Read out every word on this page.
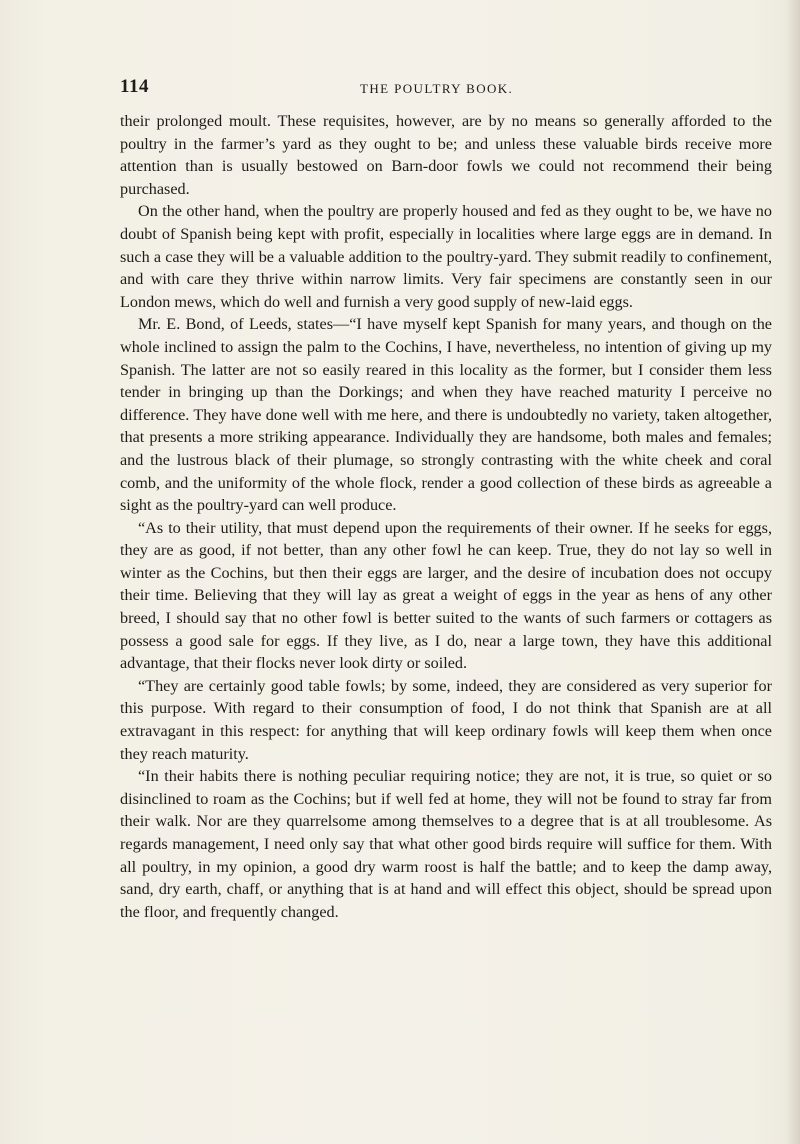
114	THE POULTRY BOOK.

their prolonged moult. These requisites, however, are by no means so generally afforded to the poultry in the farmer’s yard as they ought to be; and unless these valuable birds receive more attention than is usually bestowed on Barn-door fowls we could not recommend their being purchased.

On the other hand, when the poultry are properly housed and fed as they ought to be, we have no doubt of Spanish being kept with profit, especially in localities where large eggs are in demand. In such a case they will be a valuable addition to the poultry-yard. They submit readily to confinement, and with care they thrive within narrow limits. Very fair specimens are constantly seen in our London mews, which do well and furnish a very good supply of new-laid eggs.

Mr. E. Bond, of Leeds, states—“I have myself kept Spanish for many years, and though on the whole inclined to assign the palm to the Cochins, I have, nevertheless, no intention of giving up my Spanish. The latter are not so easily reared in this locality as the former, but I consider them less tender in bringing up than the Dorkings; and when they have reached maturity I perceive no difference. They have done well with me here, and there is undoubtedly no variety, taken altogether, that presents a more striking appearance. Individually they are handsome, both males and females; and the lustrous black of their plumage, so strongly contrasting with the white cheek and coral comb, and the uniformity of the whole flock, render a good collection of these birds as agreeable a sight as the poultry-yard can well produce.

“As to their utility, that must depend upon the requirements of their owner. If he seeks for eggs, they are as good, if not better, than any other fowl he can keep. True, they do not lay so well in winter as the Cochins, but then their eggs are larger, and the desire of incubation does not occupy their time. Believing that they will lay as great a weight of eggs in the year as hens of any other breed, I should say that no other fowl is better suited to the wants of such farmers or cottagers as possess a good sale for eggs. If they live, as I do, near a large town, they have this additional advantage, that their flocks never look dirty or soiled.

“They are certainly good table fowls; by some, indeed, they are considered as very superior for this purpose. With regard to their consumption of food, I do not think that Spanish are at all extravagant in this respect: for anything that will keep ordinary fowls will keep them when once they reach maturity.

“In their habits there is nothing peculiar requiring notice; they are not, it is true, so quiet or so disinclined to roam as the Cochins; but if well fed at home, they will not be found to stray far from their walk. Nor are they quarrelsome among themselves to a degree that is at all troublesome. As regards management, I need only say that what other good birds require will suffice for them. With all poultry, in my opinion, a good dry warm roost is half the battle; and to keep the damp away, sand, dry earth, chaff, or anything that is at hand and will effect this object, should be spread upon the floor, and frequently changed.
